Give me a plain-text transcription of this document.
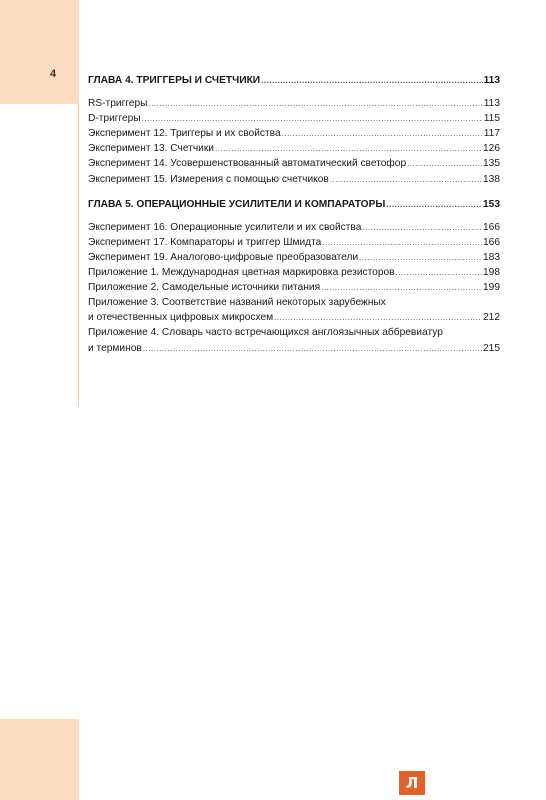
4
ГЛАВА 4. ТРИГГЕРЫ И СЧЕТЧИКИ .....	113
RS-триггеры .....	113
D-триггеры .....	115
Эксперимент 12. Триггеры и их свойства .....	117
Эксперимент 13. Счетчики .....	126
Эксперимент 14. Усовершенствованный автоматический светофор .....	135
Эксперимент 15. Измерения с помощью счетчиков .....	138
ГЛАВА 5. ОПЕРАЦИОННЫЕ УСИЛИТЕЛИ И КОМПАРАТОРЫ .....	153
Эксперимент 16. Операционные усилители и их свойства .....	166
Эксперимент 17. Компараторы и триггер Шмидта .....	166
Эксперимент 19. Аналогово-цифровые преобразователи .....	183
Приложение 1. Международная цветная маркировка резисторов .....	198
Приложение 2. Самодельные источники питания .....	199
Приложение 3. Соответствие названий некоторых зарубежных
и отечественных цифровых микросхем .....	212
Приложение 4. Словарь часто встречающихся англоязычных аббревиатур
и терминов .....	215
Л
